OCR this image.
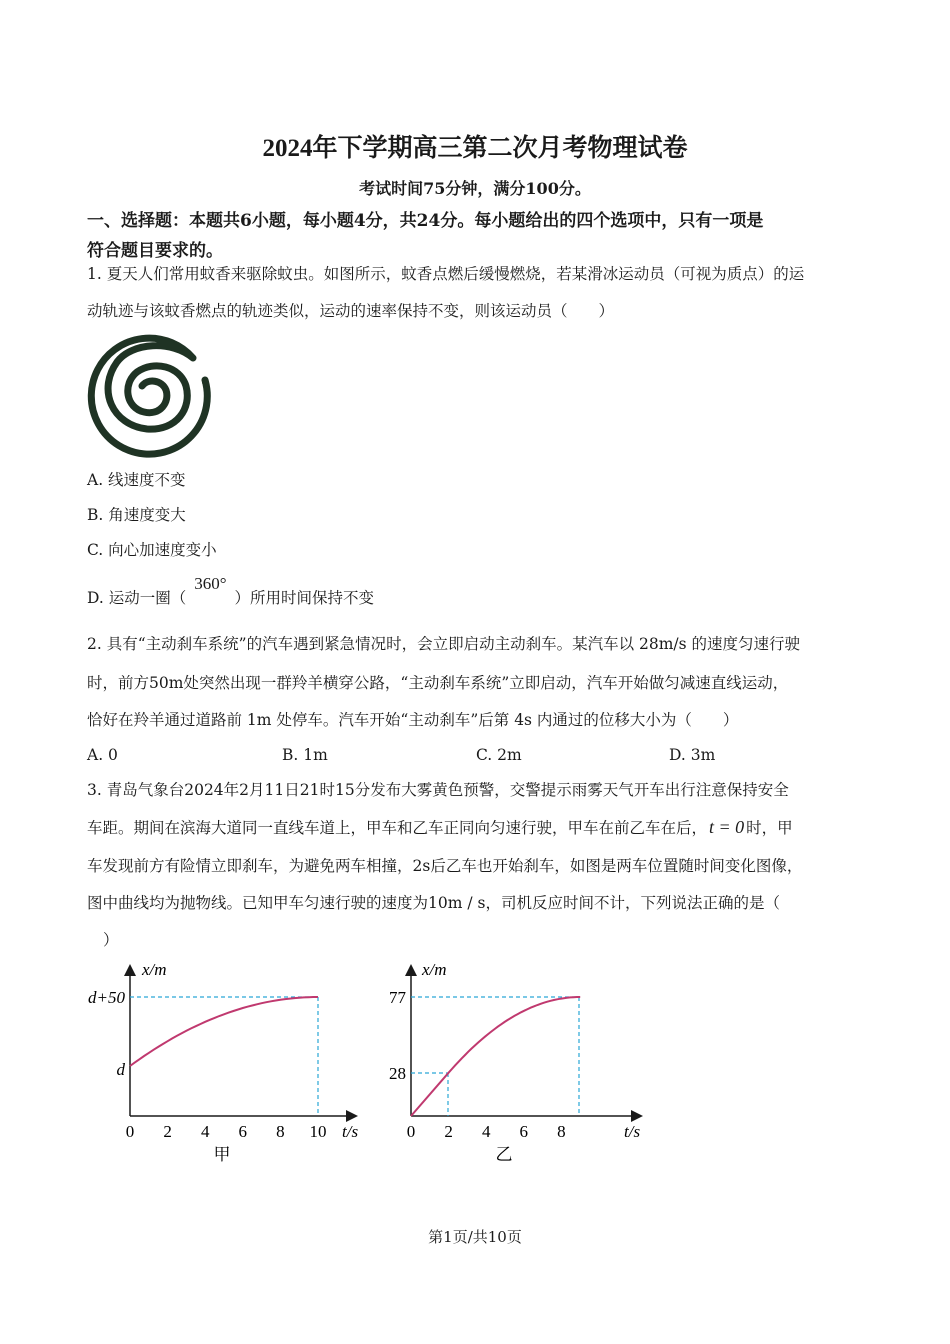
2024年下学期高三第二次月考物理试卷
考试时间75分钟，满分100分。
一、选择题：本题共6小题，每小题4分，共24分。每小题给出的四个选项中，只有一项是
符合题目要求的。
1. 夏天人们常用蚊香来驱除蚊虫。如图所示，蚊香点燃后缓慢燃烧，若某滑冰运动员（可视为质点）的运
动轨迹与该蚊香燃点的轨迹类似，运动的速率保持不变，则该运动员（　　）
A. 线速度不变
B. 角速度变大
C. 向心加速度变小
D. 运动一圈（360°）所用时间保持不变
2. 具有“主动刹车系统”的汽车遇到紧急情况时，会立即启动主动刹车。某汽车以 28m/s 的速度匀速行驶
时，前方50m处突然出现一群羚羊横穿公路，“主动刹车系统”立即启动，汽车开始做匀减速直线运动，
恰好在羚羊通过道路前 1m 处停车。汽车开始“主动刹车”后第 4s 内通过的位移大小为（　　）
A. 0	B. 1m	C. 2m	D. 3m
3. 青岛气象台2024年2月11日21时15分发布大雾黄色预警，交警提示雨雾天气开车出行注意保持安全
车距。期间在滨海大道同一直线车道上，甲车和乙车正同向匀速行驶，甲车在前乙车在后， t = 0 时，甲
车发现前方有险情立即刹车，为避免两车相撞，2s后乙车也开始刹车，如图是两车位置随时间变化图像，
图中曲线均为抛物线。已知甲车匀速行驶的速度为10m / s，司机反应时间不计，下列说法正确的是（
）
0 2 4 6 8 10
x/m
d+50
d
t/s
甲
0 2 4 6 8
x/m
77
28
t/s
乙
第1页/共10页
